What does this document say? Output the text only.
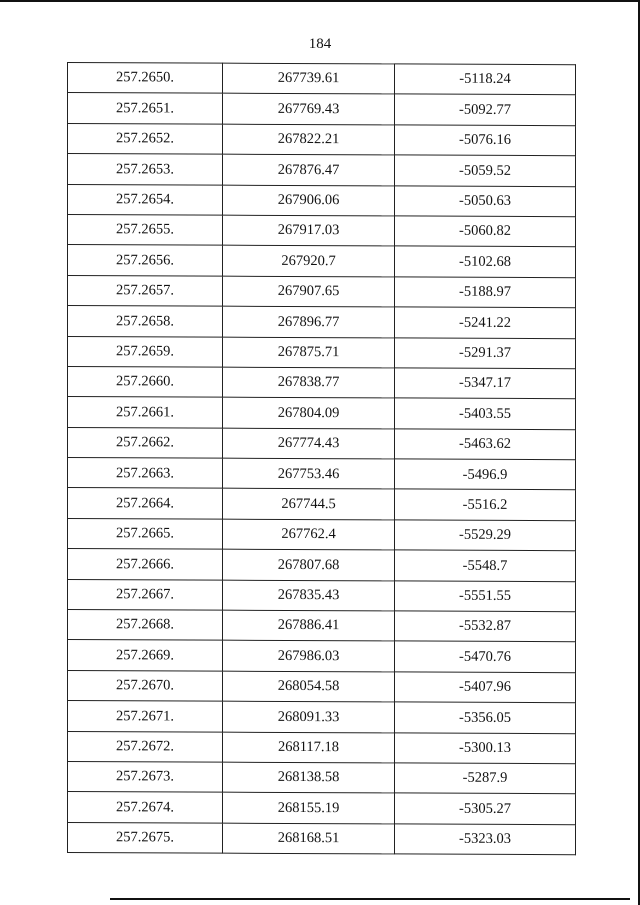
184
257.2650.	267739.61	-5118.24
257.2651.	267769.43	-5092.77
257.2652.	267822.21	-5076.16
257.2653.	267876.47	-5059.52
257.2654.	267906.06	-5050.63
257.2655.	267917.03	-5060.82
257.2656.	267920.7	-5102.68
257.2657.	267907.65	-5188.97
257.2658.	267896.77	-5241.22
257.2659.	267875.71	-5291.37
257.2660.	267838.77	-5347.17
257.2661.	267804.09	-5403.55
257.2662.	267774.43	-5463.62
257.2663.	267753.46	-5496.9
257.2664.	267744.5	-5516.2
257.2665.	267762.4	-5529.29
257.2666.	267807.68	-5548.7
257.2667.	267835.43	-5551.55
257.2668.	267886.41	-5532.87
257.2669.	267986.03	-5470.76
257.2670.	268054.58	-5407.96
257.2671.	268091.33	-5356.05
257.2672.	268117.18	-5300.13
257.2673.	268138.58	-5287.9
257.2674.	268155.19	-5305.27
257.2675.	268168.51	-5323.03
